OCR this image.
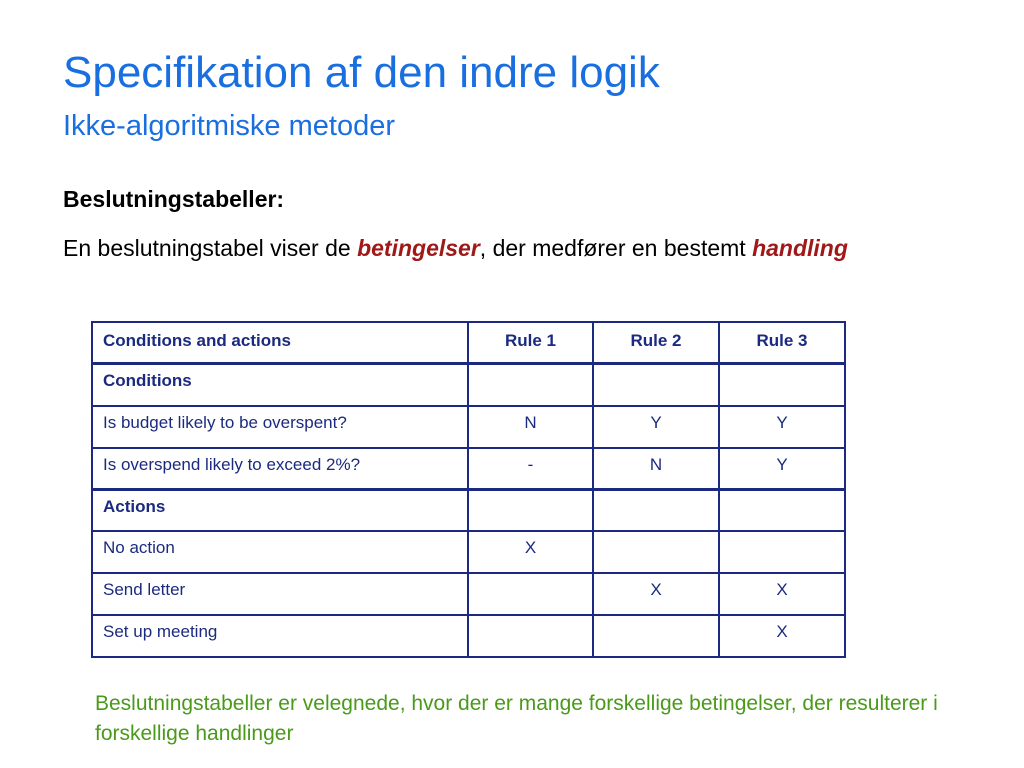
Specifikation af den indre logik
Ikke-algoritmiske metoder
Beslutningstabeller:
En beslutningstabel viser de betingelser, der medfører en bestemt handling
Conditions and actions	Rule 1	Rule 2	Rule 3
Conditions			
Is budget likely to be overspent?	N	Y	Y
Is overspend likely to exceed 2%?	-	N	Y
Actions			
No action	X		
Send letter		X	X
Set up meeting			X
Beslutningstabeller er velegnede, hvor der er mange forskellige betingelser, der resulterer i forskellige handlinger
